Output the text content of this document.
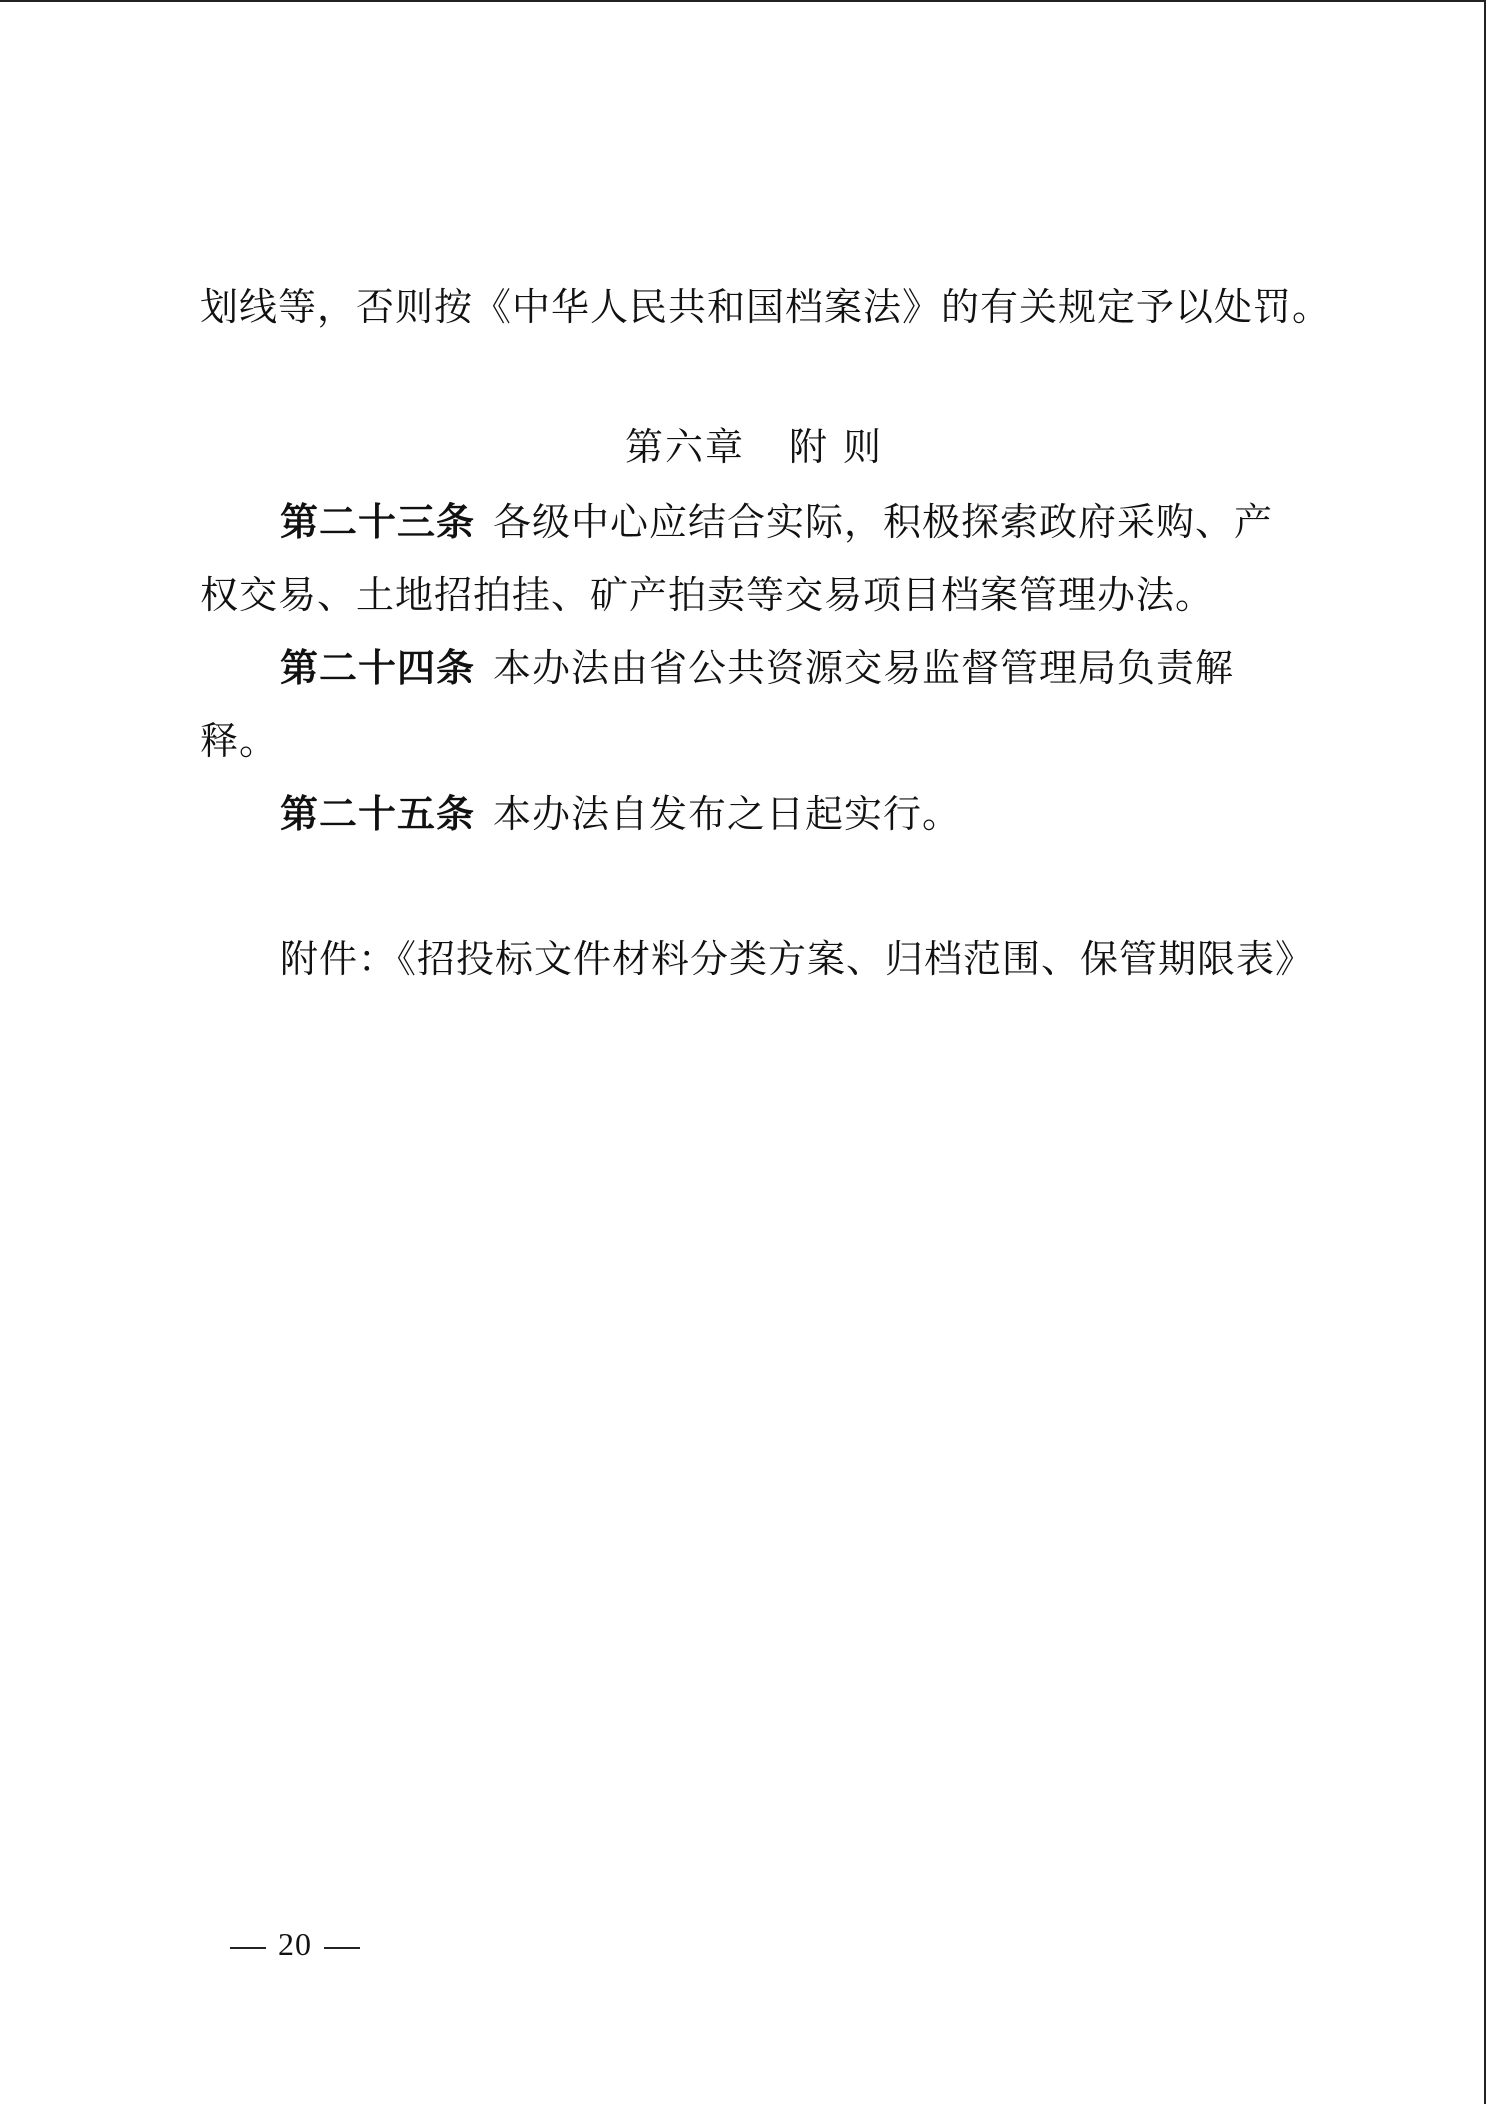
划线等，否则按《中华人民共和国档案法》的有关规定予以处罚。
第六章 附 则
第二十三条 各级中心应结合实际，积极探索政府采购、产
权交易、土地招拍挂、矿产拍卖等交易项目档案管理办法。
第二十四条 本办法由省公共资源交易监督管理局负责解
释。
第二十五条 本办法自发布之日起实行。
附件：《招投标文件材料分类方案、归档范围、保管期限表》
20
